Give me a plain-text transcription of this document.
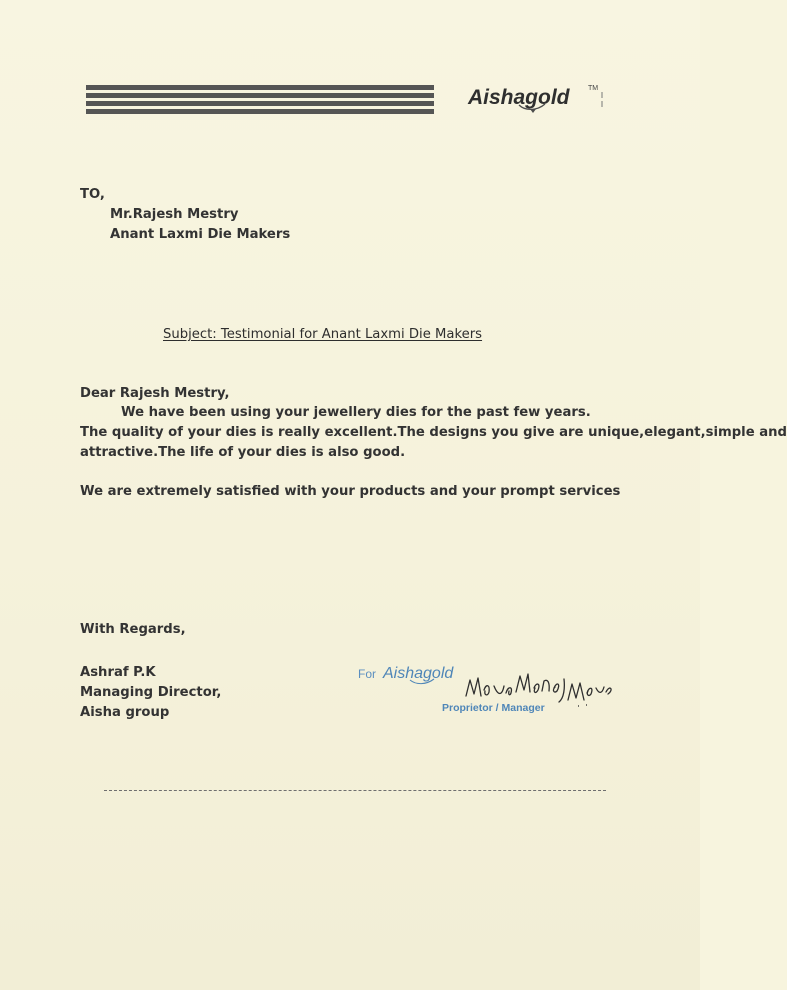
Aishagold	TM
TO,
Mr.Rajesh Mestry
Anant Laxmi Die Makers
Subject: Testimonial for Anant Laxmi Die Makers
Dear Rajesh Mestry,
We have been using your jewellery dies for the past few years.
The quality of your dies is really excellent.The designs you give are unique,elegant,simple and
attractive.The life of your dies is also good.
We are extremely satisfied with your products and your prompt services
With Regards,
Ashraf P.K
Managing Director,
Aisha group
For Aishagold
Proprietor / Manager
